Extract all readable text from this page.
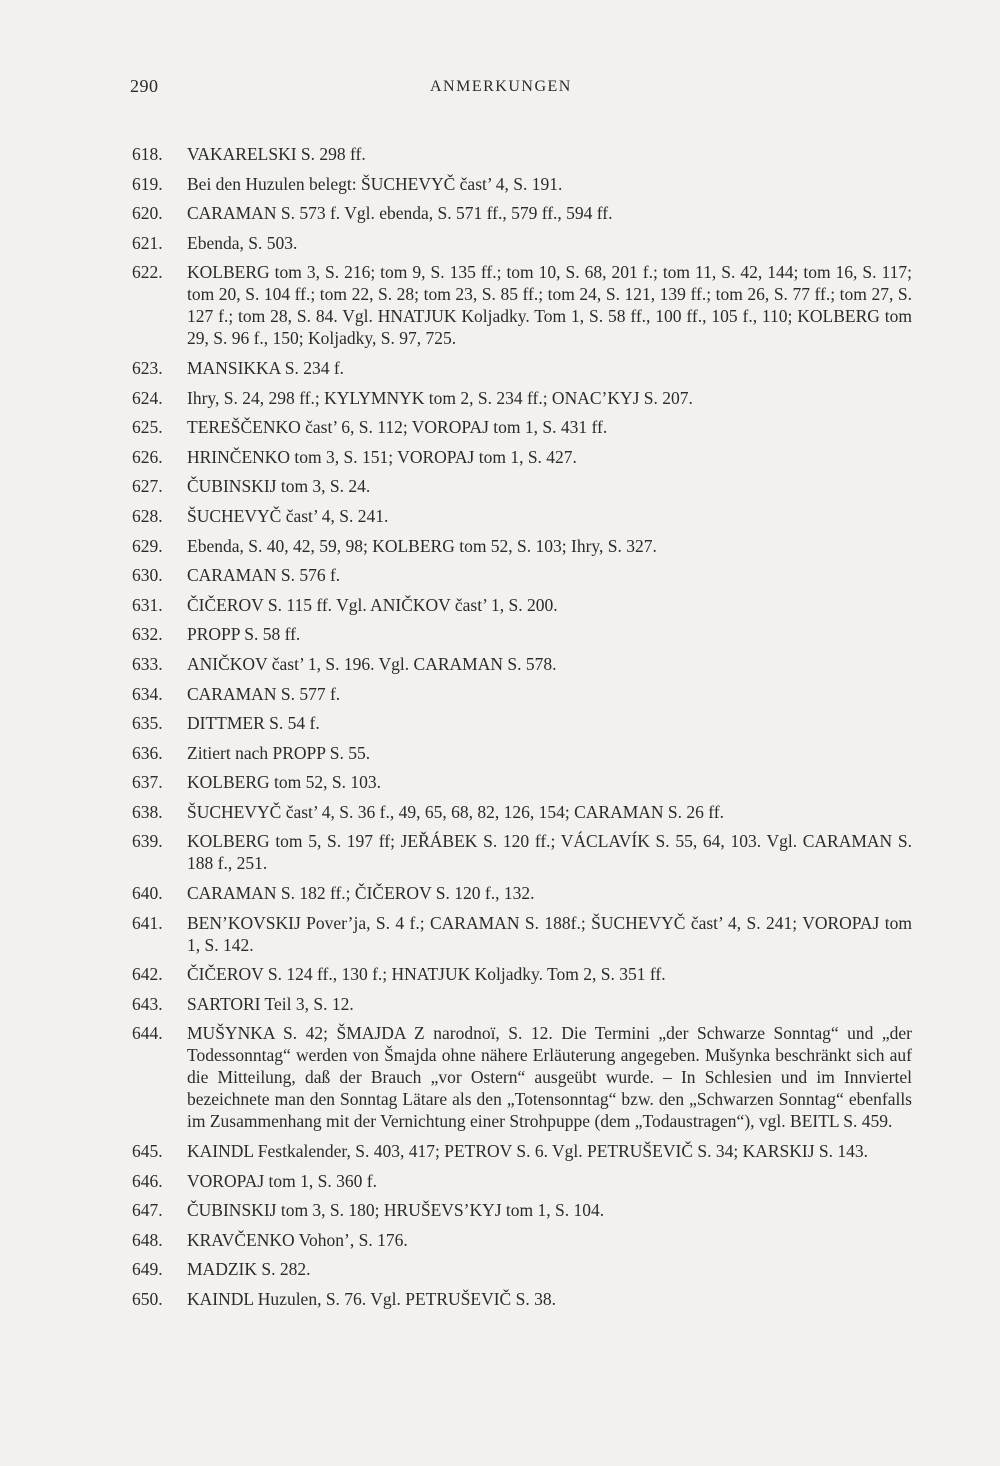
290	ANMERKUNGEN
618.	VAKARELSKI S. 298 ff.
619.	Bei den Huzulen belegt: ŠUCHEVYČ čast’ 4, S. 191.
620.	CARAMAN S. 573 f. Vgl. ebenda, S. 571 ff., 579 ff., 594 ff.
621.	Ebenda, S. 503.
622.	KOLBERG tom 3, S. 216; tom 9, S. 135 ff.; tom 10, S. 68, 201 f.; tom 11, S. 42, 144; tom 16, S. 117; tom 20, S. 104 ff.; tom 22, S. 28; tom 23, S. 85 ff.; tom 24, S. 121, 139 ff.; tom 26, S. 77 ff.; tom 27, S. 127 f.; tom 28, S. 84. Vgl. HNATJUK Koljadky. Tom 1, S. 58 ff., 100 ff., 105 f., 110; KOLBERG tom 29, S. 96 f., 150; Koljadky, S. 97, 725.
623.	MANSIKKA S. 234 f.
624.	Ihry, S. 24, 298 ff.; KYLYMNYK tom 2, S. 234 ff.; ONAC’KYJ S. 207.
625.	TEREŠČENKO čast’ 6, S. 112; VOROPAJ tom 1, S. 431 ff.
626.	HRINČENKO tom 3, S. 151; VOROPAJ tom 1, S. 427.
627.	ČUBINSKIJ tom 3, S. 24.
628.	ŠUCHEVYČ čast’ 4, S. 241.
629.	Ebenda, S. 40, 42, 59, 98; KOLBERG tom 52, S. 103; Ihry, S. 327.
630.	CARAMAN S. 576 f.
631.	ČIČEROV S. 115 ff. Vgl. ANIČKOV čast’ 1, S. 200.
632.	PROPP S. 58 ff.
633.	ANIČKOV čast’ 1, S. 196. Vgl. CARAMAN S. 578.
634.	CARAMAN S. 577 f.
635.	DITTMER S. 54 f.
636.	Zitiert nach PROPP S. 55.
637.	KOLBERG tom 52, S. 103.
638.	ŠUCHEVYČ čast’ 4, S. 36 f., 49, 65, 68, 82, 126, 154; CARAMAN S. 26 ff.
639.	KOLBERG tom 5, S. 197 ff; JEŘÁBEK S. 120 ff.; VÁCLAVÍK S. 55, 64, 103. Vgl. CARAMAN S. 188 f., 251.
640.	CARAMAN S. 182 ff.; ČIČEROV S. 120 f., 132.
641.	BEN’KOVSKIJ Pover’ja, S. 4 f.; CARAMAN S. 188f.; ŠUCHEVYČ čast’ 4, S. 241; VOROPAJ tom 1, S. 142.
642.	ČIČEROV S. 124 ff., 130 f.; HNATJUK Koljadky. Tom 2, S. 351 ff.
643.	SARTORI Teil 3, S. 12.
644.	MUŠYNKA S. 42; ŠMAJDA Z narodnoï, S. 12. Die Termini „der Schwarze Sonntag“ und „der Todessonntag“ werden von Šmajda ohne nähere Erläuterung angegeben. Mušynka beschränkt sich auf die Mitteilung, daß der Brauch „vor Ostern“ ausgeübt wurde. – In Schlesien und im Innviertel bezeichnete man den Sonntag Lätare als den „Totensonntag“ bzw. den „Schwarzen Sonntag“ ebenfalls im Zusammenhang mit der Vernichtung einer Strohpuppe (dem „Todaustragen“), vgl. BEITL S. 459.
645.	KAINDL Festkalender, S. 403, 417; PETROV S. 6. Vgl. PETRUŠEVIČ S. 34; KARSKIJ S. 143.
646.	VOROPAJ tom 1, S. 360 f.
647.	ČUBINSKIJ tom 3, S. 180; HRUŠEVS’KYJ tom 1, S. 104.
648.	KRAVČENKO Vohon’, S. 176.
649.	MADZIK S. 282.
650.	KAINDL Huzulen, S. 76. Vgl. PETRUŠEVIČ S. 38.
